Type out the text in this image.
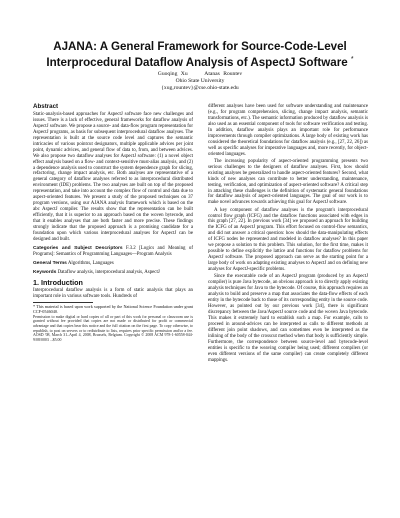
AJANA: A General Framework for Source-Code-Level
Interprocedural Dataflow Analysis of AspectJ Software *
Guoqing Xu     Atanas Rountev
Ohio State University
{xug,rountev}@cse.ohio-state.edu
Abstract

Static-analysis-based approaches for AspectJ software face new challenges and issues. There is a lack of effective, general frameworks for dataflow analysis of AspectJ software. We propose a source- and data-flow program representation for AspectJ programs, as basis for subsequent interprocedural dataflow analyses. The representation is built at the source code level and captures the semantic intricacies of various pointcut designators, multiple applicable advices per joint point, dynamic advices, and general flow of data to, from, and between advices. We also propose two dataflow analyses for AspectJ software: (1) a novel object effect analysis based on a flow- and context-sensitive must-alias analysis, and (2) a dependence analysis used to construct the system dependence graph for slicing, refactoring, change impact analysis, etc. Both analyses are representative of a general category of dataflow analyses referred to as interprocedural distributed environment (IDE) problems. The two analyses are built on top of the proposed representation, and take into account the complex flow of control and data due to aspect-oriented features. We present a study of the proposed techniques on 37 program versions, using our AJANA analysis framework which is based on the abc AspectJ compiler. The results show that the representation can be built efficiently, that it is superior to an approach based on the woven bytecode, and that it enables analyses that are both faster and more precise. These findings strongly indicate that the proposed approach is a promising candidate for a foundation upon which various interprocedural analyses for AspectJ can be designed and built.

Categories and Subject Descriptors F.3.2 [Logics and Meaning of Programs]: Semantics of Programming Languages—Program Analysis

General Terms Algorithms, Languages

Keywords Dataflow analysis, interprocedural analysis, AspectJ

1. Introduction

Interprocedural dataflow analysis is a form of static analysis that plays an important role in various software tools. Hundreds of

* This material is based upon work supported by the National Science Foundation under grant CCF-0546040.

Permission to make digital or hard copies of all or part of this work for personal or classroom use is granted without fee provided that copies are not made or distributed for profit or commercial advantage and that copies bear this notice and the full citation on the first page. To copy otherwise, to republish, to post on servers or to redistribute to lists, requires prior specific permission and/or a fee. AOSD '08, March 31–April 4, 2008, Brussels, Belgium. Copyright © 2008 ACM 978-1-60558-044-9/08/0003 ...$5.00

different analyses have been used for software understanding and maintenance (e.g., for program comprehension, slicing, change impact analysis, semantic transformations, etc.). The semantic information produced by dataflow analysis is also used as an essential component of tools for software verification and testing. In addition, dataflow analysis plays an important role for performance improvements through compiler optimizations. A large body of existing work has considered the theoretical foundations for dataflow analysis (e.g., [27, 22, 26]) as well as specific analyses for imperative languages and, more recently, for object-oriented languages.

The increasing popularity of aspect-oriented programming presents two serious challenges to the designers of dataflow analyses. First, how should existing analyses be generalized to handle aspect-oriented features? Second, what kinds of new analyses can contribute to better understanding, maintenance, testing, verification, and optimization of aspect-oriented software? A critical step in attacking these challenges is the definition of systematic general foundations for dataflow analysis of aspect-oriented languages. The goal of our work is to make novel advances towards achieving this goal for AspectJ software.

A key component of dataflow analyses is the program's interprocedural control flow graph (ICFG) and the dataflow functions associated with edges in this graph [27, 22]. In previous work [34] we proposed an approach for building the ICFG of an AspectJ program. This effort focused on control-flow semantics, and did not answer a critical question: how should the data-manipulating effects of ICFG nodes be represented and modeled in dataflow analyses? In this paper we propose a solution to this problem. This solution, for the first time, makes it possible to define explicitly the lattice and functions for dataflow problems for AspectJ software. The proposed approach can serve as the starting point for a large body of work on adapting existing analyses to AspectJ and on defining new analyses for AspectJ-specific problems.

Since the executable code of an AspectJ program (produced by an AspectJ compiler) is pure Java bytecode, an obvious approach is to directly apply existing analysis techniques for Java to the bytecode. Of course, this approach requires an analysis to build and preserve a map that associates the data-flow effects of each entity in the bytecode back to those of its corresponding entity in the source code. However, as pointed out by our previous work [34], there is significant discrepancy between the Java/AspectJ source code and the woven Java bytecode. This makes it extremely hard to establish such a map. For example, calls to proceed in around-advices can be interpreted as calls to different methods at different join point shadows, and can sometimes even be interpreted as the inlining of the body of the crosscut method when that body is sufficiently simple. Furthermore, the correspondence between source-level and bytecode-level entities is specific to the weaving compiler being used; different compilers (or even different versions of the same compiler) can create completely different mappings.
